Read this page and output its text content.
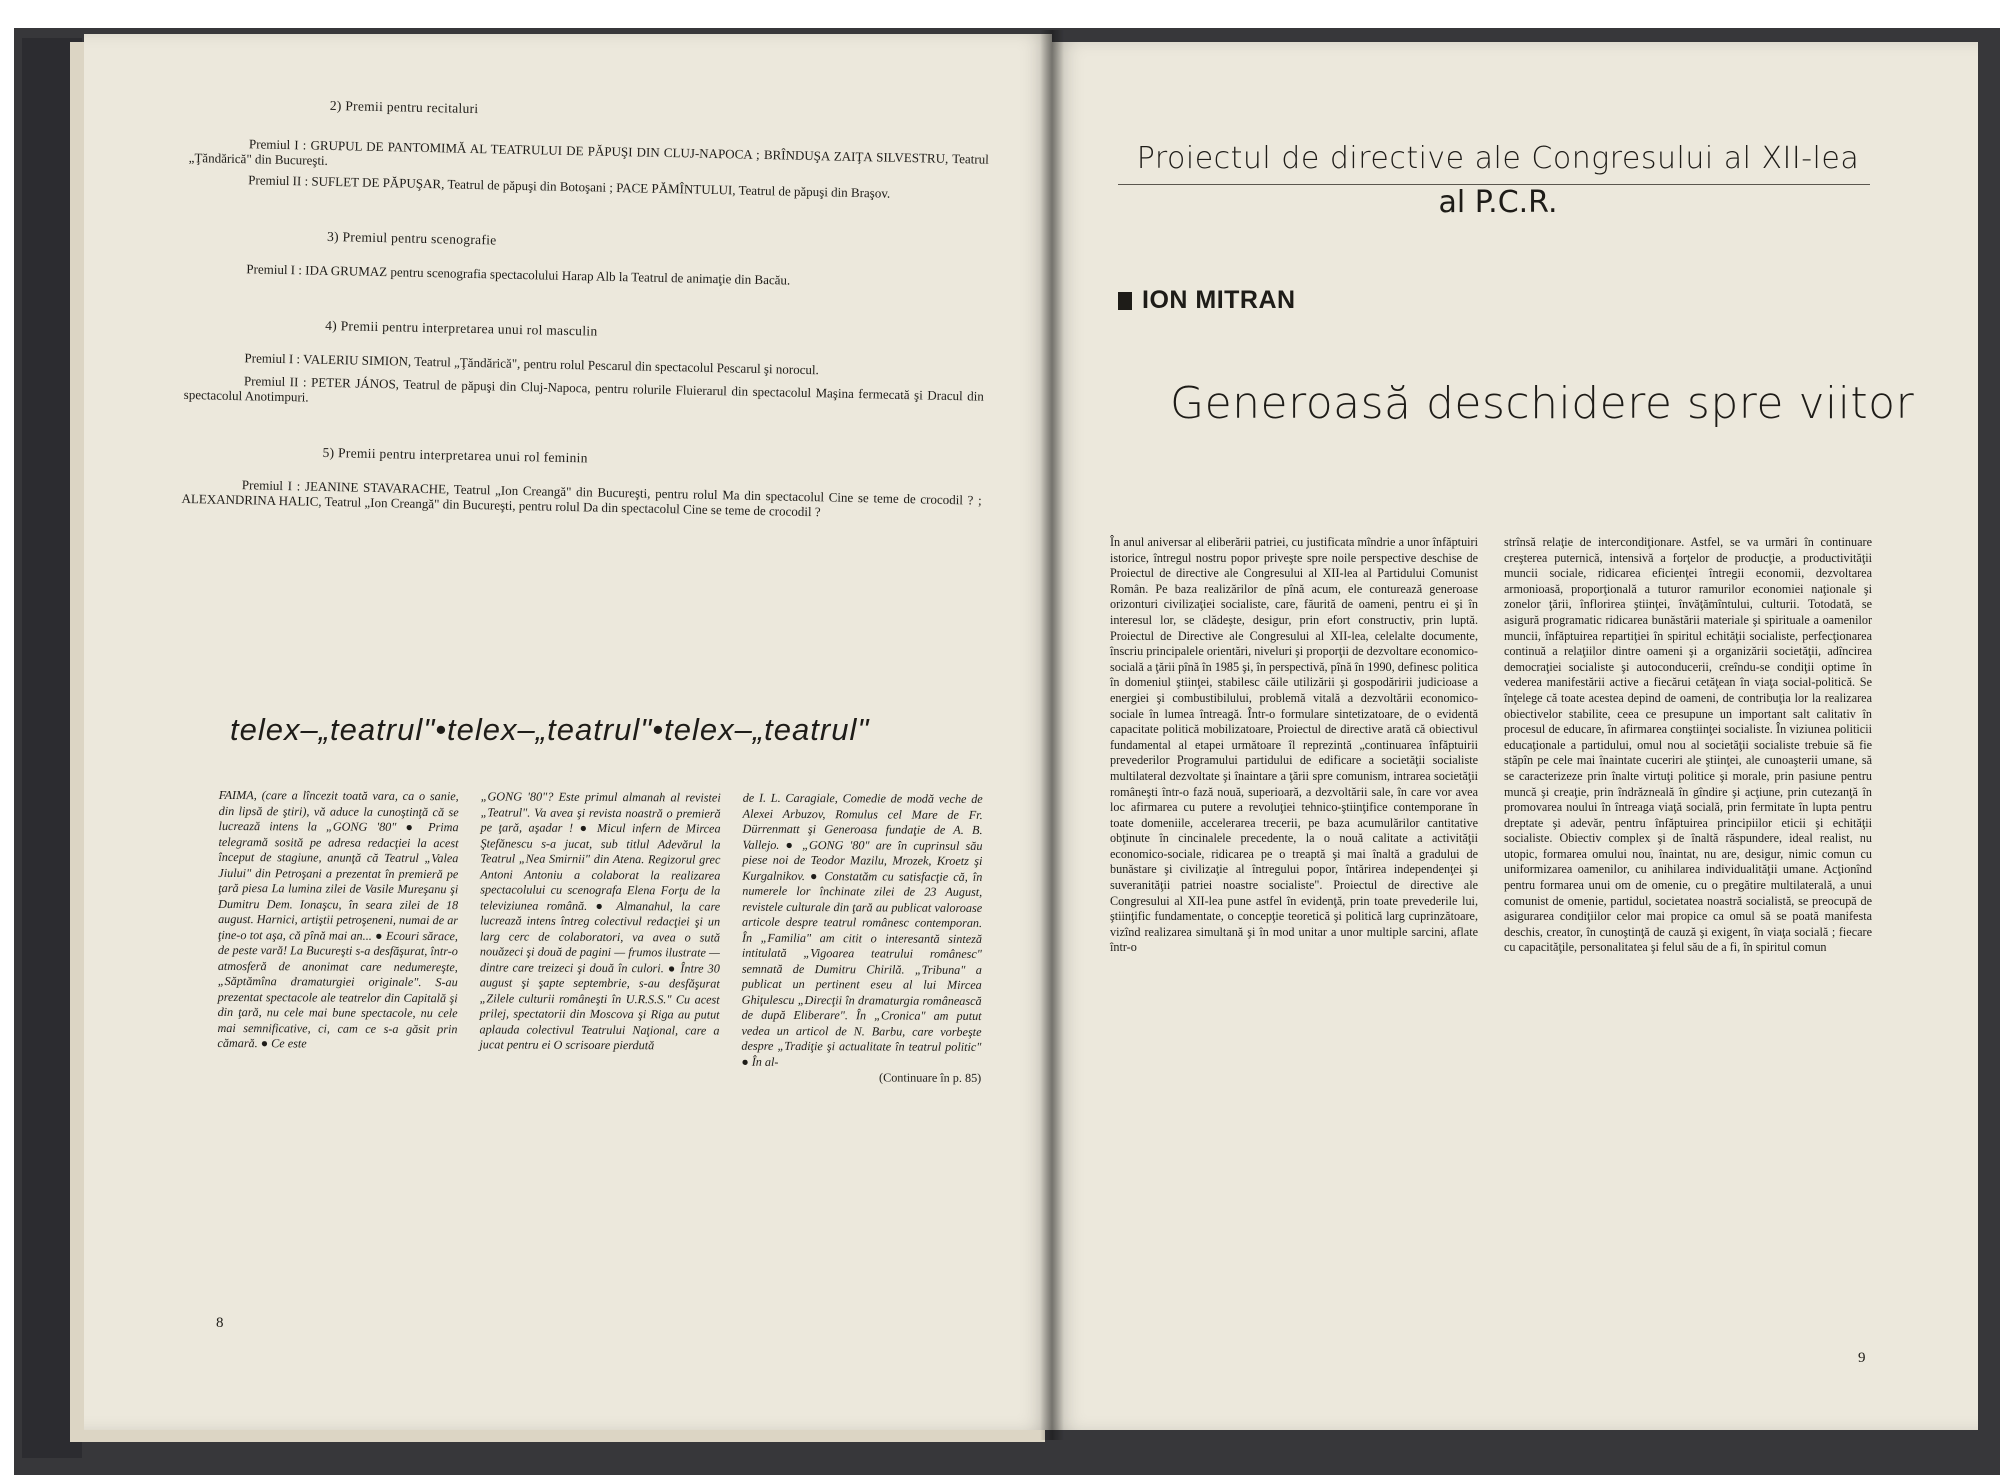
2) Premii pentru recitaluri
Premiul I : GRUPUL DE PANTOMIMĂ AL TEATRULUI DE PĂPUŞI DIN CLUJ-NAPOCA ; BRÎNDUŞA ZAIŢA SILVESTRU, Teatrul „Ţăndărică" din Bucureşti.
Premiul II : SUFLET DE PĂPUŞAR, Teatrul de păpuşi din Botoşani ; PACE PĂMÎNTULUI, Teatrul de păpuşi din Braşov.
3) Premiul pentru scenografie
Premiul I : IDA GRUMAZ pentru scenografia spectacolului Harap Alb la Teatrul de animaţie din Bacău.
4) Premii pentru interpretarea unui rol masculin
Premiul I : VALERIU SIMION, Teatrul „Ţăndărică", pentru rolul Pescarul din spectacolul Pescarul şi norocul.
Premiul II : PETER JÁNOS, Teatrul de păpuşi din Cluj-Napoca, pentru rolurile Fluierarul din spectacolul Maşina fermecată şi Dracul din spectacolul Anotimpuri.
5) Premii pentru interpretarea unui rol feminin
Premiul I : JEANINE STAVARACHE, Teatrul „Ion Creangă" din Bucureşti, pentru rolul Ma din spectacolul Cine se teme de crocodil ? ; ALEXANDRINA HALIC, Teatrul „Ion Creangă" din Bucureşti, pentru rolul Da din spectacolul Cine se teme de crocodil ?
telex–„teatrul"•telex–„teatrul"•telex–„teatrul"
FAIMA, (care a lîncezit toată vara, ca o sanie, din lipsă de ştiri), vă aduce la cunoştinţă că se lucrează intens la „GONG '80" ● Prima telegramă sosită pe adresa redacţiei la acest început de stagiune, anunţă că Teatrul „Valea Jiului" din Petroşani a prezentat în premieră pe ţară piesa La lumina zilei de Vasile Mureşanu şi Dumitru Dem. Ionaşcu, în seara zilei de 18 august. Harnici, artiştii petroşeneni, numai de ar ţine-o tot aşa, că pînă mai an... ● Ecouri sărace, de peste vară! La Bucureşti s-a desfăşurat, într-o atmosferă de anonimat care nedumereşte, „Săptămîna dramaturgiei originale". S-au prezentat spectacole ale teatrelor din Capitală şi din ţară, nu cele mai bune spectacole, nu cele mai semnificative, ci, cam ce s-a găsit prin cămară. ● Ce este
„GONG '80"? Este primul almanah al revistei „Teatrul". Va avea şi revista noastră o premieră pe ţară, aşadar ! ● Micul infern de Mircea Ştefănescu s-a jucat, sub titlul Adevărul la Teatrul „Nea Smirnii" din Atena. Regizorul grec Antoni Antoniu a colaborat la realizarea spectacolului cu scenografa Elena Forţu de la televiziunea română. ● Almanahul, la care lucrează intens întreg colectivul redacţiei şi un larg cerc de colaboratori, va avea o sută nouăzeci şi două de pagini — frumos ilustrate — dintre care treizeci şi două în culori. ● Între 30 august şi şapte septembrie, s-au desfăşurat „Zilele culturii româneşti în U.R.S.S." Cu acest prilej, spectatorii din Moscova şi Riga au putut aplauda colectivul Teatrului Naţional, care a jucat pentru ei O scrisoare pierdută
de I. L. Caragiale, Comedie de modă veche de Alexei Arbuzov, Romulus cel Mare de Fr. Dürrenmatt şi Generoasa fundaţie de A. B. Vallejo. ● „GONG '80" are în cuprinsul său piese noi de Teodor Mazilu, Mrozek, Kroetz şi Kurgalnikov. ● Constatăm cu satisfacţie că, în numerele lor închinate zilei de 23 August, revistele culturale din ţară au publicat valoroase articole despre teatrul românesc contemporan. În „Familia" am citit o interesantă sinteză intitulată „Vigoarea teatrului românesc" semnată de Dumitru Chirilă. „Tribuna" a publicat un pertinent eseu al lui Mircea Ghiţulescu „Direcţii în dramaturgia românească de după Eliberare". În „Cronica" am putut vedea un articol de N. Barbu, care vorbeşte despre „Tradiţie şi actualitate în teatrul politic" ● În al-
(Continuare în p. 85)
8
Proiectul de directive ale Congresului al XII-lea
al P.C.R.
ION MITRAN
Generoasă deschidere spre viitor
În anul aniversar al eliberării patriei, cu justificata mîndrie a unor înfăptuiri istorice, întregul nostru popor priveşte spre noile perspective deschise de Proiectul de directive ale Congresului al XII-lea al Partidului Comunist Român. Pe baza realizărilor de pînă acum, ele conturează generoase orizonturi civilizaţiei socialiste, care, făurită de oameni, pentru ei şi în interesul lor, se clădeşte, desigur, prin efort constructiv, prin luptă. Proiectul de Directive ale Congresului al XII-lea, celelalte documente, înscriu principalele orientări, niveluri şi proporţii de dezvoltare economico-socială a ţării pînă în 1985 şi, în perspectivă, pînă în 1990, definesc politica în domeniul ştiinţei, stabilesc căile utilizării şi gospodăririi judicioase a energiei şi combustibilului, problemă vitală a dezvoltării economico-sociale în lumea întreagă. Într-o formulare sintetizatoare, de o evidentă capacitate politică mobilizatoare, Proiectul de directive arată că obiectivul fundamental al etapei următoare îl reprezintă „continuarea înfăptuirii prevederilor Programului partidului de edificare a societăţii socialiste multilateral dezvoltate şi înaintare a ţării spre comunism, intrarea societăţii româneşti într-o fază nouă, superioară, a dezvoltării sale, în care vor avea loc afirmarea cu putere a revoluţiei tehnico-ştiinţifice contemporane în toate domeniile, accelerarea trecerii, pe baza acumulărilor cantitative obţinute în cincinalele precedente, la o nouă calitate a activităţii economico-sociale, ridicarea pe o treaptă şi mai înaltă a gradului de bunăstare şi civilizaţie al întregului popor, întărirea independenţei şi suveranităţii patriei noastre socialiste". Proiectul de directive ale Congresului al XII-lea pune astfel în evidenţă, prin toate prevederile lui, ştiinţific fundamentate, o concepţie teoretică şi politică larg cuprinzătoare, vizînd realizarea simultană şi în mod unitar a unor multiple sarcini, aflate într-o
strînsă relaţie de intercondiţionare. Astfel, se va urmări în continuare creşterea puternică, intensivă a forţelor de producţie, a productivităţii muncii sociale, ridicarea eficienţei întregii economii, dezvoltarea armonioasă, proporţională a tuturor ramurilor economiei naţionale şi zonelor ţării, înflorirea ştiinţei, învăţămîntului, culturii. Totodată, se asigură programatic ridicarea bunăstării materiale şi spirituale a oamenilor muncii, înfăptuirea repartiţiei în spiritul echităţii socialiste, perfecţionarea continuă a relaţiilor dintre oameni şi a organizării societăţii, adîncirea democraţiei socialiste şi autoconducerii, creîndu-se condiţii optime în vederea manifestării active a fiecărui cetăţean în viaţa social-politică. Se înţelege că toate acestea depind de oameni, de contribuţia lor la realizarea obiectivelor stabilite, ceea ce presupune un important salt calitativ în procesul de educare, în afirmarea conştiinţei socialiste. În viziunea politicii educaţionale a partidului, omul nou al societăţii socialiste trebuie să fie stăpîn pe cele mai înaintate cuceriri ale ştiinţei, ale cunoaşterii umane, să se caracterizeze prin înalte virtuţi politice şi morale, prin pasiune pentru muncă şi creaţie, prin îndrăzneală în gîndire şi acţiune, prin cutezanţă în promovarea noului în întreaga viaţă socială, prin fermitate în lupta pentru dreptate şi adevăr, pentru înfăptuirea principiilor eticii şi echităţii socialiste. Obiectiv complex şi de înaltă răspundere, ideal realist, nu utopic, formarea omului nou, înaintat, nu are, desigur, nimic comun cu uniformizarea oamenilor, cu anihilarea individualităţii umane. Acţionînd pentru formarea unui om de omenie, cu o pregătire multilaterală, a unui comunist de omenie, partidul, societatea noastră socialistă, se preocupă de asigurarea condiţiilor celor mai propice ca omul să se poată manifesta deschis, creator, în cunoştinţă de cauză şi exigent, în viaţa socială ; fiecare cu capacităţile, personalitatea şi felul său de a fi, în spiritul comun
9
